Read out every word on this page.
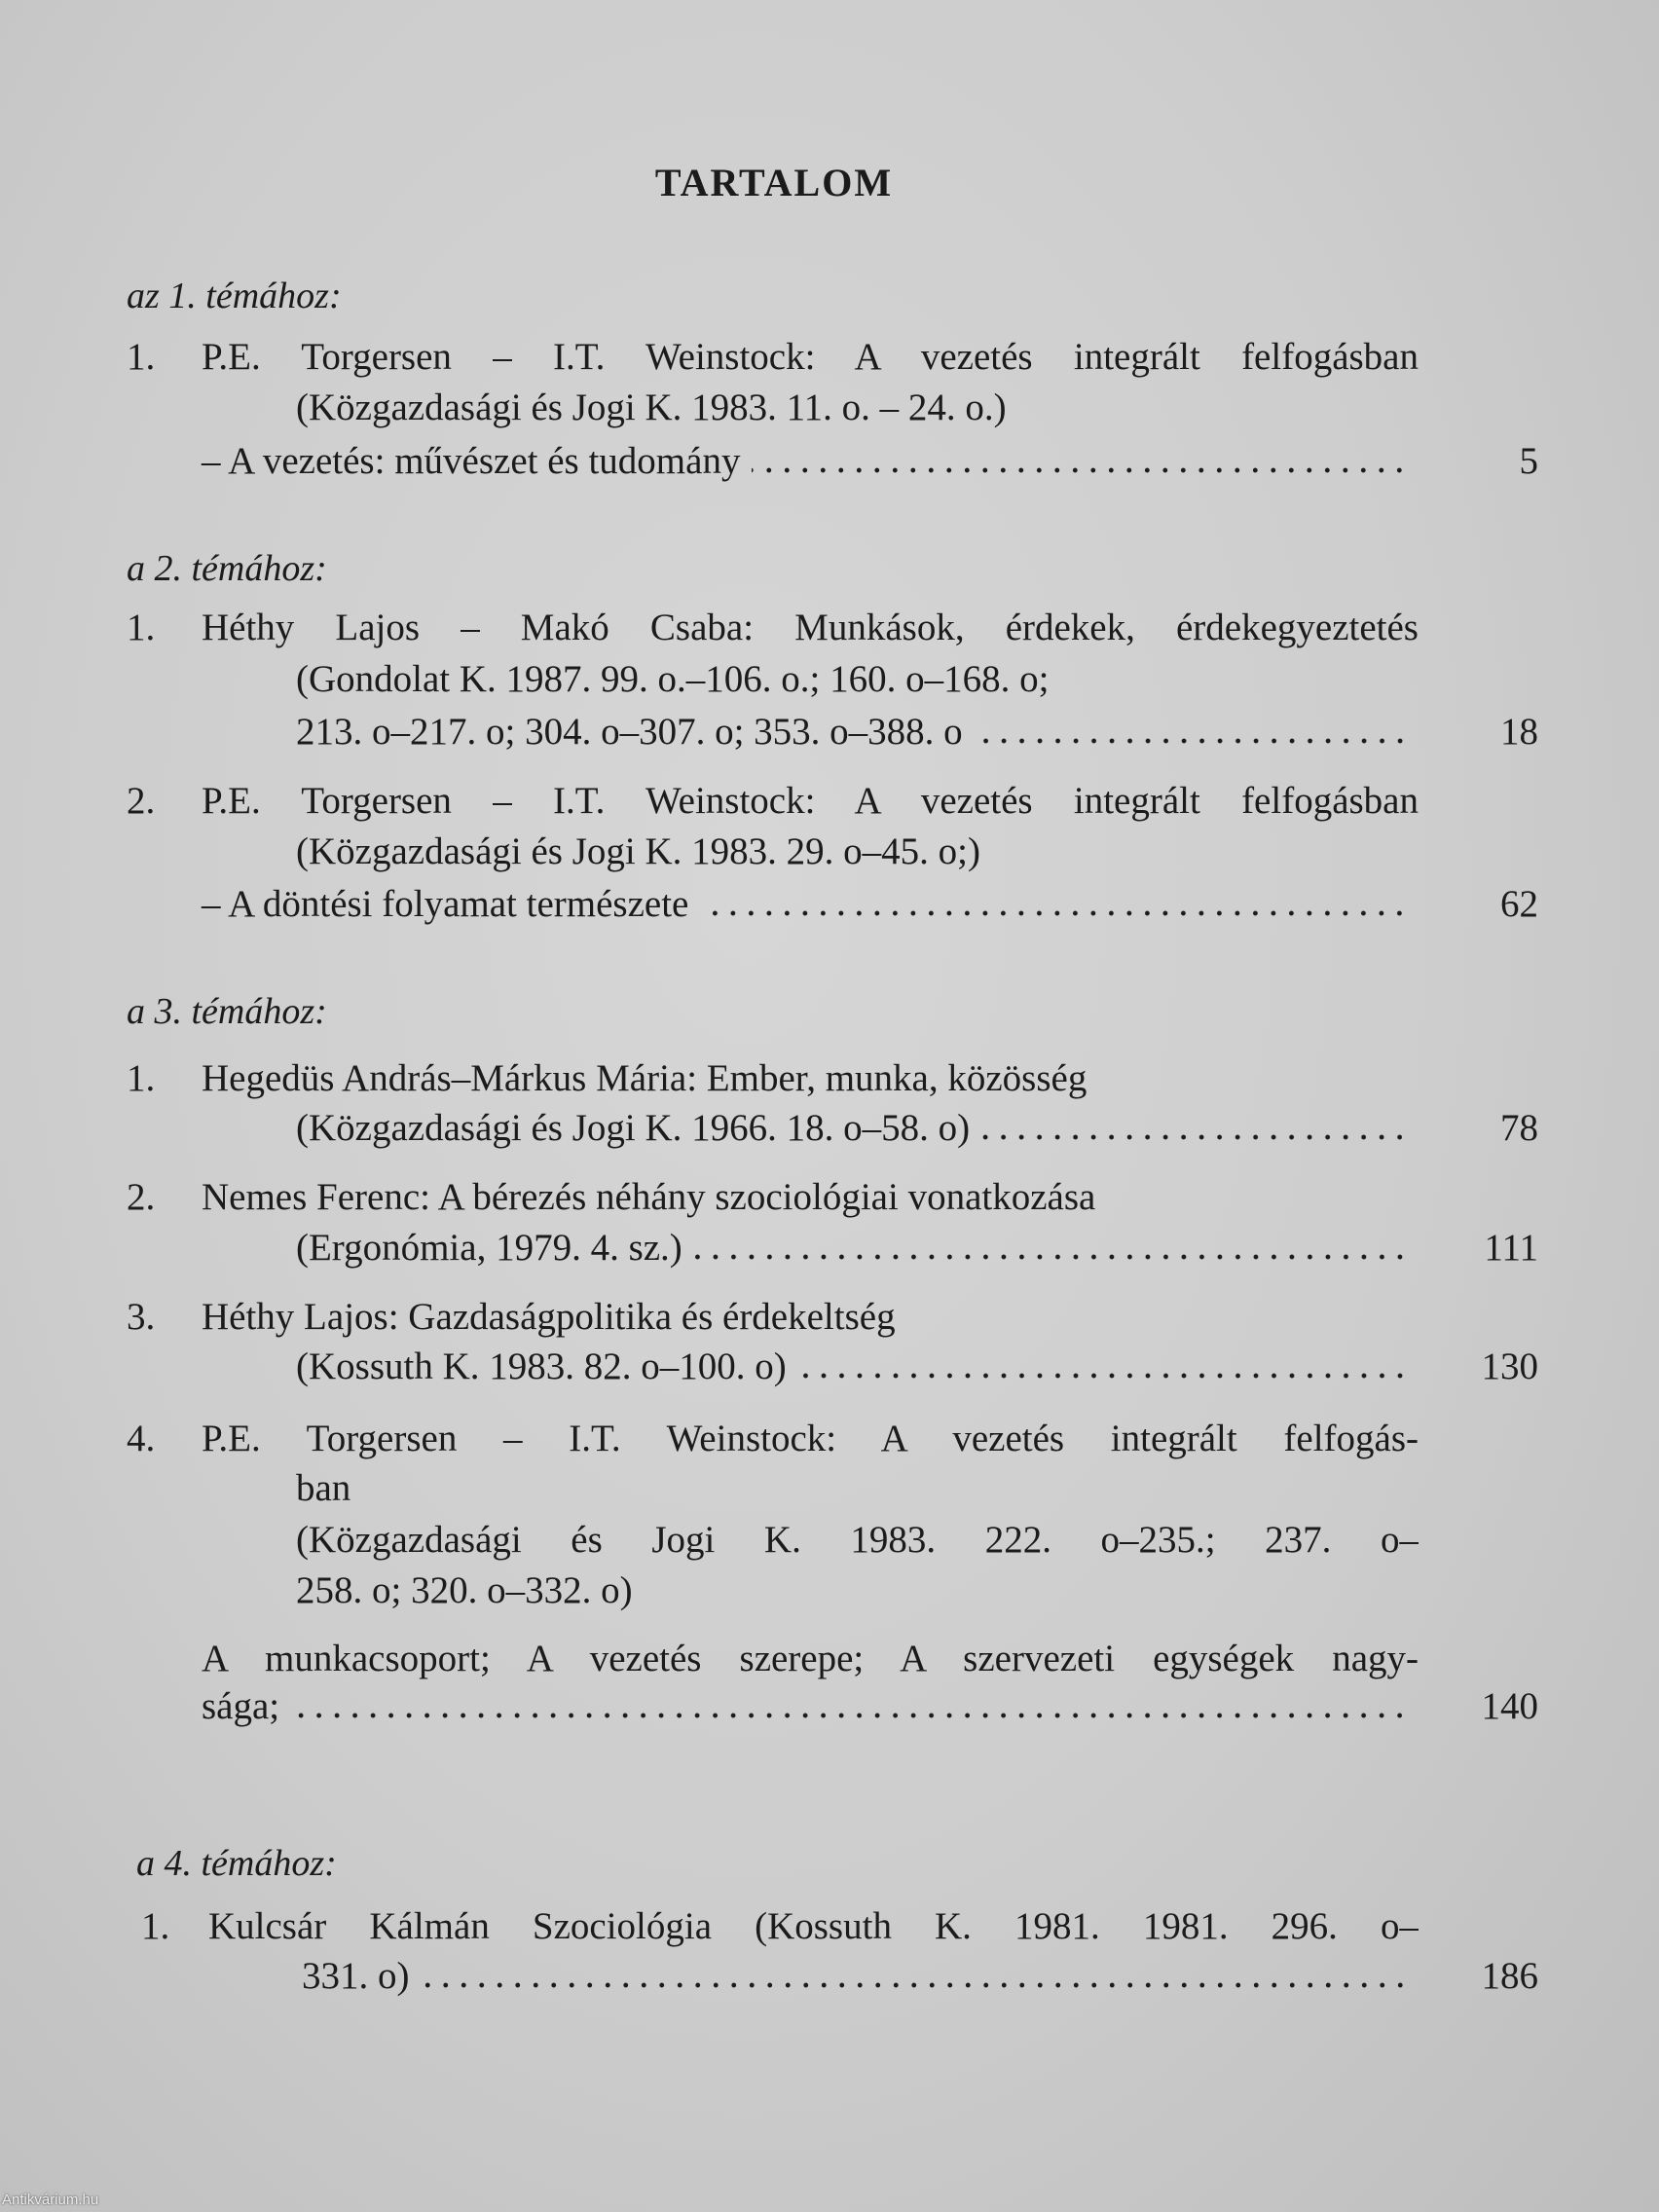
TARTALOM
az 1. témához:
1. P.E. Torgersen – I.T. Weinstock: A vezetés integrált felfogásban
(Közgazdasági és Jogi K. 1983. 11. o. – 24. o.)
– A vezetés: művészet és tudomány	5
a 2. témához:
1. Héthy Lajos – Makó Csaba: Munkások, érdekek, érdekegyeztetés
(Gondolat K. 1987. 99. o.–106. o.; 160. o–168. o;
213. o–217. o; 304. o–307. o; 353. o–388. o	18
2. P.E. Torgersen – I.T. Weinstock: A vezetés integrált felfogásban
(Közgazdasági és Jogi K. 1983. 29. o–45. o;)
– A döntési folyamat természete	62
a 3. témához:
1. Hegedüs András–Márkus Mária: Ember, munka, közösség
(Közgazdasági és Jogi K. 1966. 18. o–58. o)	78
2. Nemes Ferenc: A bérezés néhány szociológiai vonatkozása
(Ergonómia, 1979. 4. sz.)	111
3. Héthy Lajos: Gazdaságpolitika és érdekeltség
(Kossuth K. 1983. 82. o–100. o)	130
4. P.E. Torgersen – I.T. Weinstock: A vezetés integrált felfogás-
ban
(Közgazdasági és Jogi K. 1983. 222. o–235.; 237. o–
258. o; 320. o–332. o)
A munkacsoport; A vezetés szerepe; A szervezeti egységek nagy-
sága;	140
a 4. témához:
1. Kulcsár Kálmán Szociológia (Kossuth K. 1981. 1981. 296. o–
331. o)	186
Antikvárium.hu
